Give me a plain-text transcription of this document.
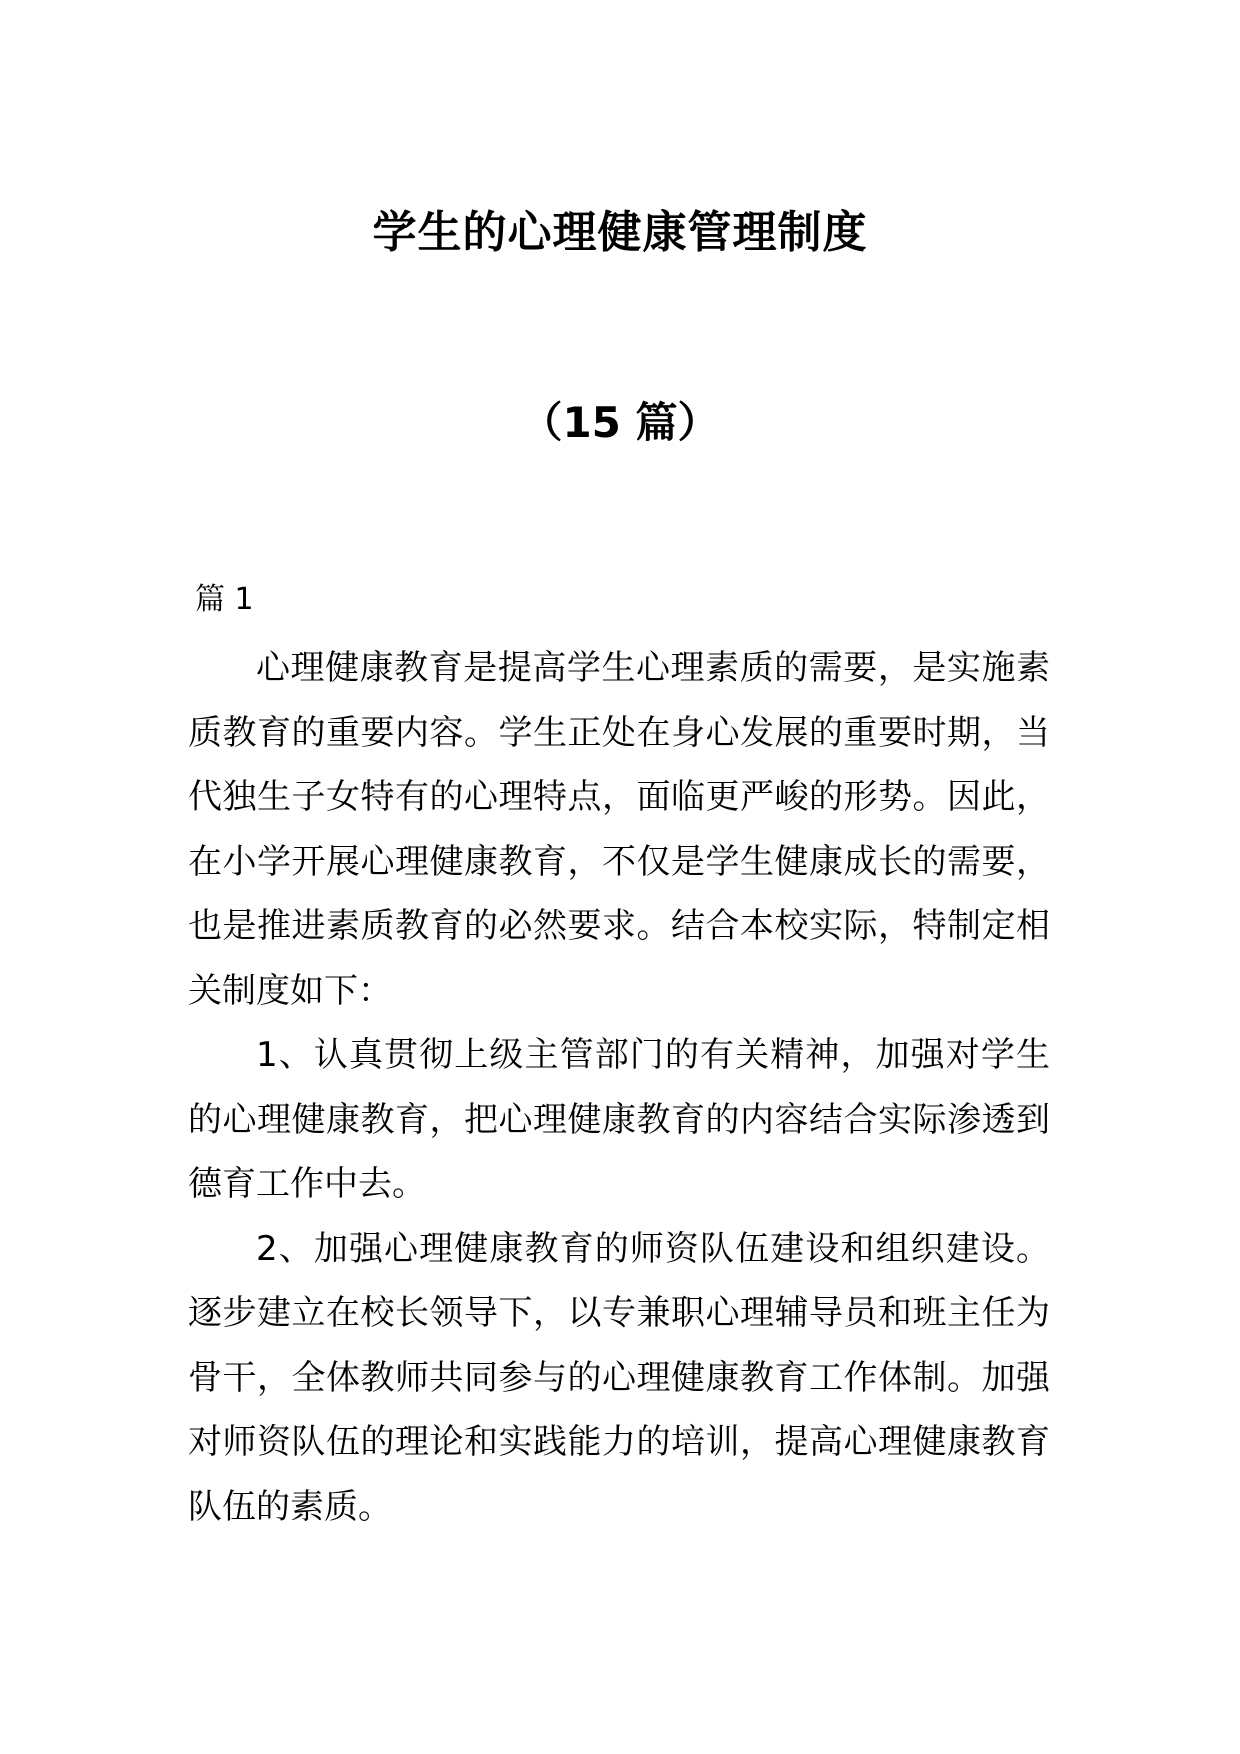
学生的心理健康管理制度
（15 篇）
篇 1

心理健康教育是提高学生心理素质的需要，是实施素质教育的重要内容。学生正处在身心发展的重要时期，当代独生子女特有的心理特点，面临更严峻的形势。因此，在小学开展心理健康教育，不仅是学生健康成长的需要，也是推进素质教育的必然要求。结合本校实际，特制定相关制度如下：

1、认真贯彻上级主管部门的有关精神，加强对学生的心理健康教育，把心理健康教育的内容结合实际渗透到德育工作中去。

2、加强心理健康教育的师资队伍建设和组织建设。逐步建立在校长领导下，以专兼职心理辅导员和班主任为骨干，全体教师共同参与的心理健康教育工作体制。加强对师资队伍的理论和实践能力的培训，提高心理健康教育队伍的素质。
